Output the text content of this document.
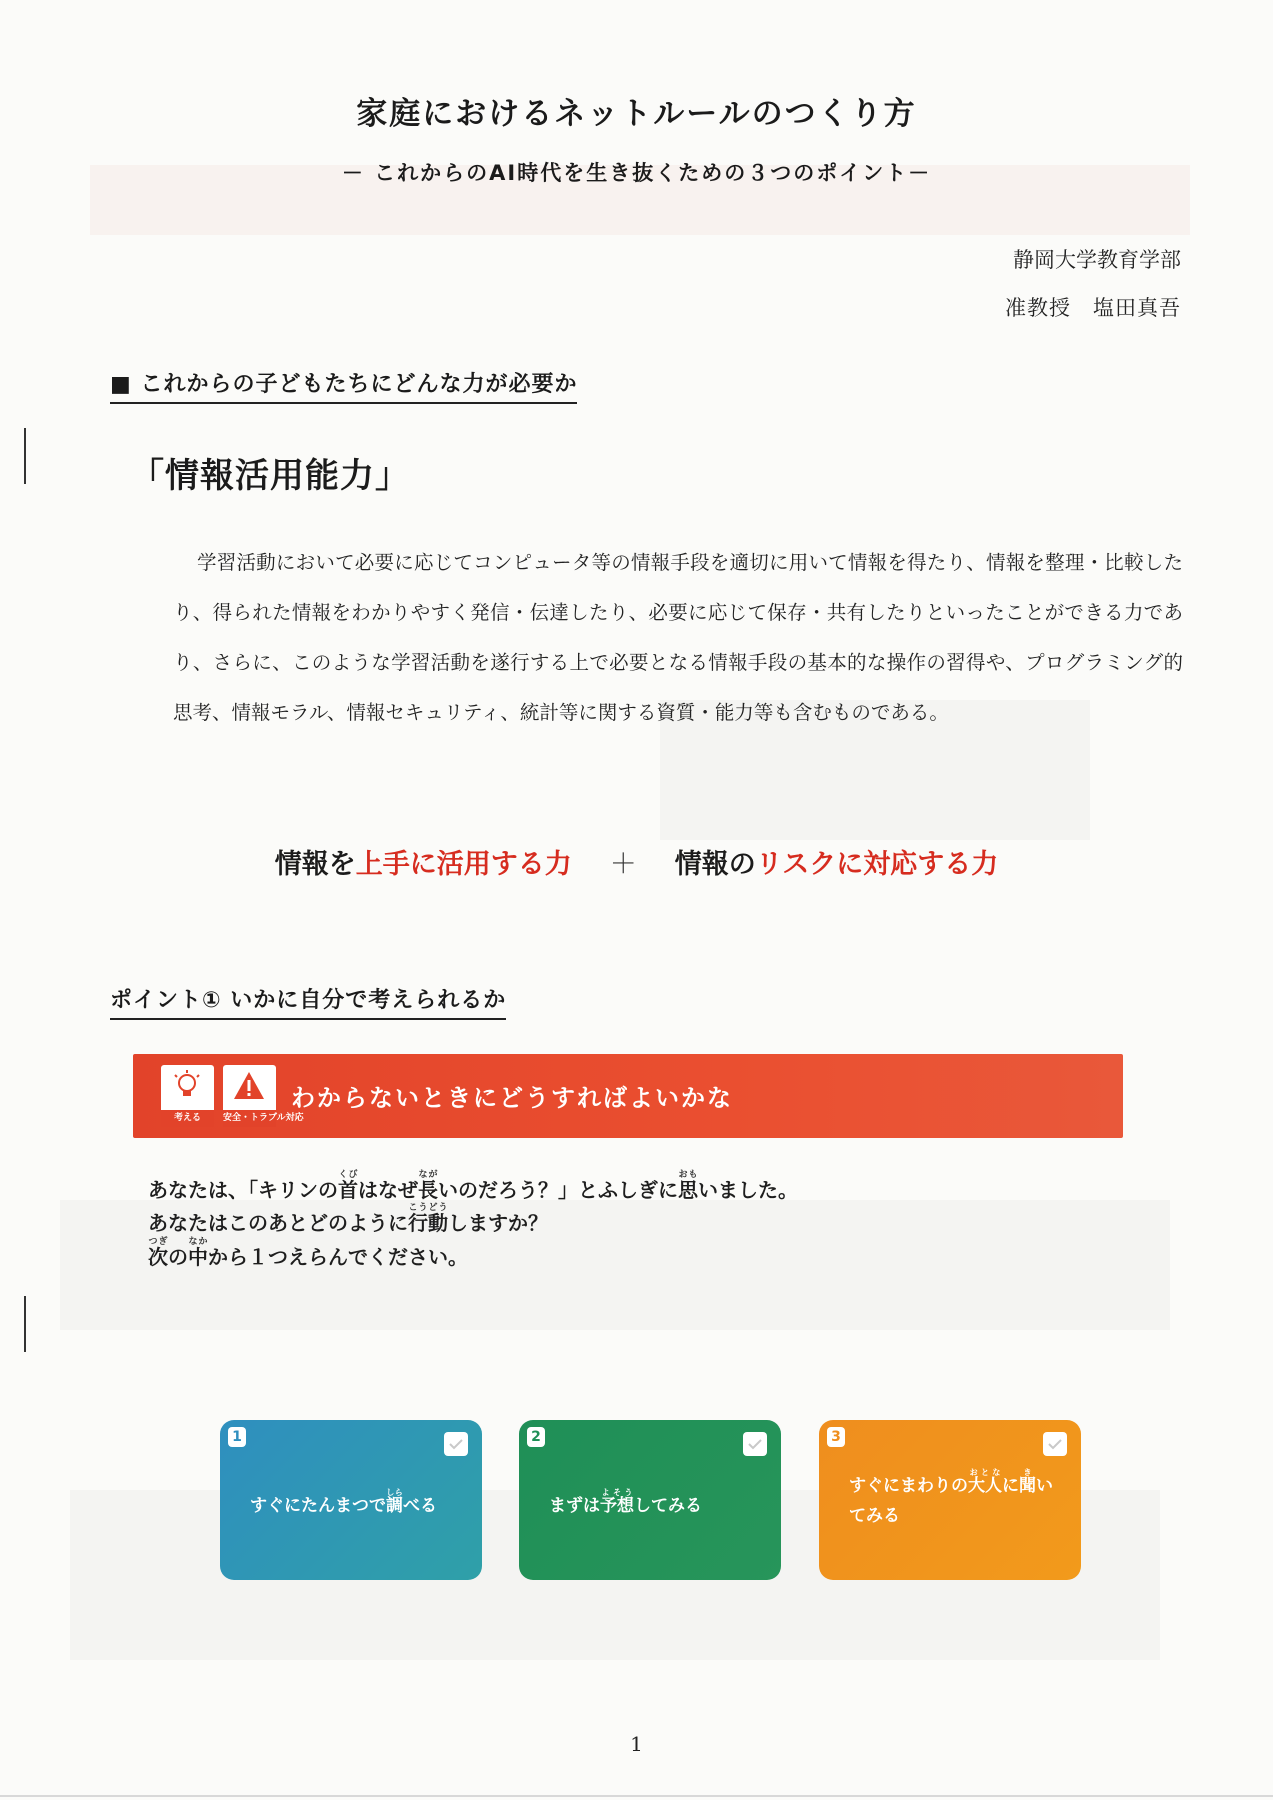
家庭におけるネットルールのつくり方
－ これからのAI時代を生き抜くための３つのポイント－
静岡大学教育学部
准教授　塩田真吾
■ これからの子どもたちにどんな力が必要か
「情報活用能力」
学習活動において必要に応じてコンピュータ等の情報手段を適切に用いて情報を得たり、情報を整理・比較したり、得られた情報をわかりやすく発信・伝達したり、必要に応じて保存・共有したりといったことができる力であり、さらに、このような学習活動を遂行する上で必要となる情報手段の基本的な操作の習得や、プログラミング的思考、情報モラル、情報セキュリティ、統計等に関する資質・能力等も含むものである。
情報を上手に活用する力 ＋ 情報のリスクに対応する力
ポイント① いかに自分で考えられるか
考える	安全・トラブル対応
わからないときにどうすればよいかな
あなたは、「キリンの首くびはなぜ長ながいのだろう？」とふしぎに思おもいました。
あなたはこのあとどのように行動こうどうしますか？
次つぎの中なかから１つえらんでください。
1
すぐにたんまつで調しらべる
2
まずは予想よそうしてみる
3
すぐにまわりの大人おとなに聞きいてみる
1
